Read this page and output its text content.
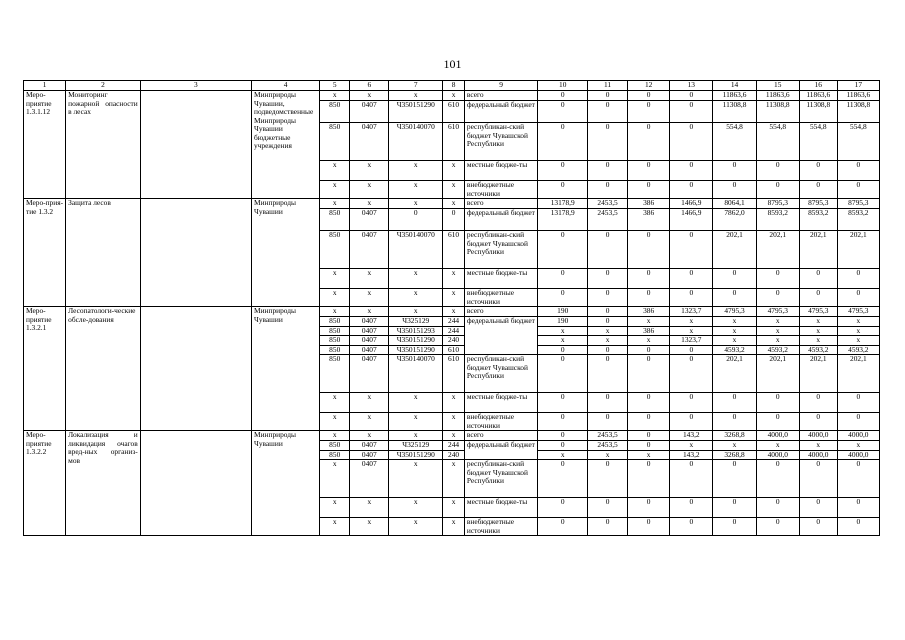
101
1	2	3	4	5	6	7	8	9	10	11	12	13	14	15	16	17
Меро-приятие 1.3.1.12	Мониторинг пожарной опасности в лесах		Минприроды Чувашии, подведомственные Минприроды Чувашии бюджетные учреждения	x	x	x	x	всего	0	0	0	0	11863,6	11863,6	11863,6	11863,6
				850	0407	Ч350151290	610	федеральный бюджет	0	0	0	0	11308,8	11308,8	11308,8	11308,8
				850	0407	Ч350140070	610	республикан-ский бюджет Чувашской Республики	0	0	0	0	554,8	554,8	554,8	554,8
				x	x	x	x	местные бюдже-ты	0	0	0	0	0	0	0	0
				x	x	x	x	внебюджетные источники	0	0	0	0	0	0	0	0
Меро-прия-тие 1.3.2	Защита лесов		Минприроды Чувашии	x	x	x	x	всего	13178,9	2453,5	386	1466,9	8064,1	8795,3	8795,3	8795,3
				850	0407	0	0	федеральный бюджет	13178,9	2453,5	386	1466,9	7862,0	8593,2	8593,2	8593,2
				850	0407	Ч350140070	610	республикан-ский бюджет Чувашской Республики	0	0	0	0	202,1	202,1	202,1	202,1
				x	x	x	x	местные бюдже-ты	0	0	0	0	0	0	0	0
				x	x	x	x	внебюджетные источники	0	0	0	0	0	0	0	0
Меро-приятие 1.3.2.1	Лесопатологи-ческие обсле-дования		Минприроды Чувашии	x	x	x	x	всего	190	0	386	1323,7	4795,3	4795,3	4795,3	4795,3
				850	0407	Ч325129	244	федеральный бюджет	190	0	x	x	x	x	x	x
				850	0407	Ч350151293	244		x	x	386	x	x	x	x	x
				850	0407	Ч350151290	240		x	x	x	1323,7	x	x	x	x
				850	0407	Ч350151290	610		0	0	0	0	4593,2	4593,2	4593,2	4593,2
				850	0407	Ч350140070	610	республикан-ский бюджет Чувашской Республики	0	0	0	0	202,1	202,1	202,1	202,1
				x	x	x	x	местные бюдже-ты	0	0	0	0	0	0	0	0
				x	x	x	x	внебюджетные источники	0	0	0	0	0	0	0	0
Меро-приятие 1.3.2.2	Локализация и ликвидация очагов вред-ных организ-мов		Минприроды Чувашии	x	x	x	x	всего	0	2453,5	0	143,2	3268,8	4000,0	4000,0	4000,0
				850	0407	Ч325129	244	федеральный бюджет	0	2453,5	0	x	x	x	x	x
				850	0407	Ч350151290	240		x	x	x	143,2	3268,8	4000,0	4000,0	4000,0
				x	0407	x	x	республикан-ский бюджет Чувашской Республики	0	0	0	0	0	0	0	0
				x	x	x	x	местные бюдже-ты	0	0	0	0	0	0	0	0
				x	x	x	x	внебюджетные источники	0	0	0	0	0	0	0	0
